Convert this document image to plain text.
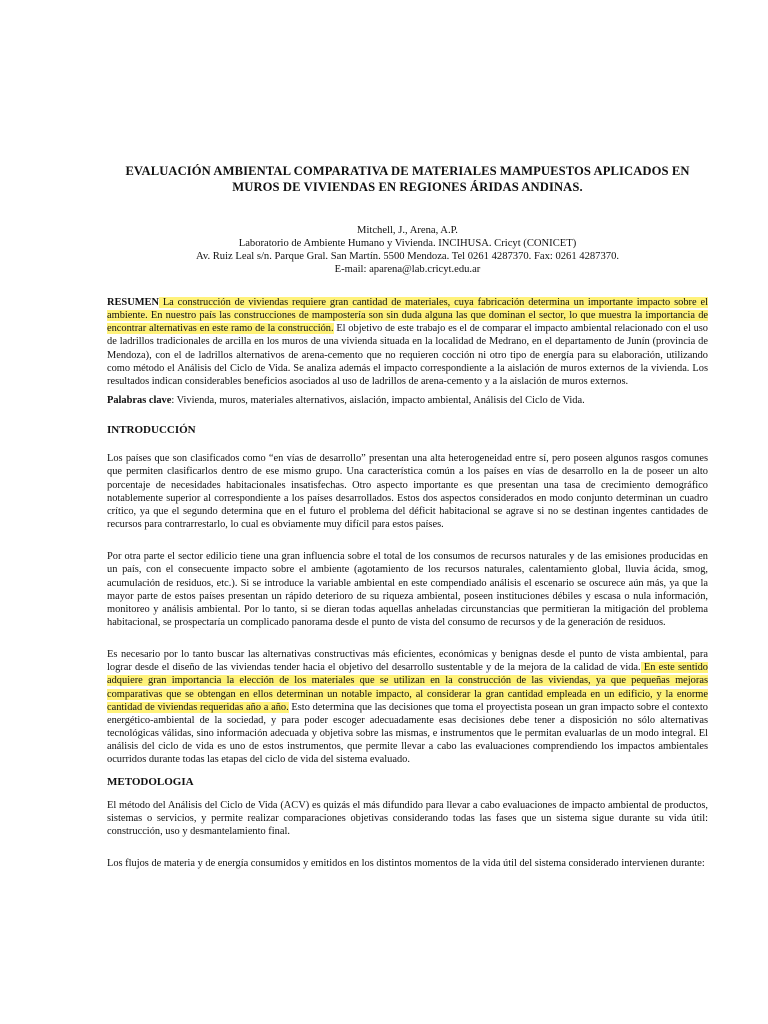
EVALUACIÓN AMBIENTAL COMPARATIVA DE MATERIALES MAMPUESTOS APLICADOS EN
MUROS DE VIVIENDAS EN REGIONES ÁRIDAS ANDINAS.
Mitchell, J., Arena, A.P.
Laboratorio de Ambiente Humano y Vivienda. INCIHUSA. Cricyt (CONICET)
Av. Ruiz Leal s/n. Parque Gral. San Martín. 5500 Mendoza. Tel 0261 4287370. Fax: 0261 4287370.
E-mail: aparena@lab.cricyt.edu.ar

RESUMEN La construcción de viviendas requiere gran cantidad de materiales, cuya fabricación determina un importante impacto sobre el ambiente. En nuestro país las construcciones de mampostería son sin duda alguna las que dominan el sector, lo que muestra la importancia de encontrar alternativas en este ramo de la construcción. El objetivo de este trabajo es el de comparar el impacto ambiental relacionado con el uso de ladrillos tradicionales de arcilla en los muros de una vivienda situada en la localidad de Medrano, en el departamento de Junín (provincia de Mendoza), con el de ladrillos alternativos de arena-cemento que no requieren cocción ni otro tipo de energía para su elaboración, utilizando como método el Análisis del Ciclo de Vida. Se analiza además el impacto correspondiente a la aislación de muros externos de la vivienda. Los resultados indican considerables beneficios asociados al uso de ladrillos de arena-cemento y a la aislación de muros externos.

Palabras clave: Vivienda, muros, materiales alternativos, aislación, impacto ambiental, Análisis del Ciclo de Vida.

INTRODUCCIÓN

Los países que son clasificados como “en vías de desarrollo” presentan una alta heterogeneidad entre sí, pero poseen algunos rasgos comunes que permiten clasificarlos dentro de ese mismo grupo. Una característica común a los países en vías de desarrollo en la de poseer un alto porcentaje de necesidades habitacionales insatisfechas. Otro aspecto importante es que presentan una tasa de crecimiento demográfico notablemente superior al correspondiente a los países desarrollados. Estos dos aspectos considerados en modo conjunto determinan un cuadro crítico, ya que el segundo determina que en el futuro el problema del déficit habitacional se agrave si no se destinan ingentes cantidades de recursos para contrarrestarlo, lo cual es obviamente muy difícil para estos países.

Por otra parte el sector edilicio tiene una gran influencia sobre el total de los consumos de recursos naturales y de las emisiones producidas en un país, con el consecuente impacto sobre el ambiente (agotamiento de los recursos naturales, calentamiento global, lluvia ácida, smog, acumulación de residuos, etc.). Si se introduce la variable ambiental en este compendiado análisis el escenario se oscurece aún más, ya que la mayor parte de estos países presentan un rápido deterioro de su riqueza ambiental, poseen instituciones débiles y escasa o nula información, monitoreo y análisis ambiental. Por lo tanto, si se dieran todas aquellas anheladas circunstancias que permitieran la mitigación del problema habitacional, se prospectaría un complicado panorama desde el punto de vista del consumo de recursos y de la generación de residuos.

Es necesario por lo tanto buscar las alternativas constructivas más eficientes, económicas y benignas desde el punto de vista ambiental, para lograr desde el diseño de las viviendas tender hacia el objetivo del desarrollo sustentable y de la mejora de la calidad de vida. En este sentido adquiere gran importancia la elección de los materiales que se utilizan en la construcción de las viviendas, ya que pequeñas mejoras comparativas que se obtengan en ellos determinan un notable impacto, al considerar la gran cantidad empleada en un edificio, y la enorme cantidad de viviendas requeridas año a año. Esto determina que las decisiones que toma el proyectista posean un gran impacto sobre el contexto energético-ambiental de la sociedad, y para poder escoger adecuadamente esas decisiones debe tener a disposición no sólo alternativas tecnológicas válidas, sino información adecuada y objetiva sobre las mismas, e instrumentos que le permitan evaluarlas de un modo integral. El análisis del ciclo de vida es uno de estos instrumentos, que permite llevar a cabo las evaluaciones comprendiendo los impactos ambientales ocurridos durante todas las etapas del ciclo de vida del sistema evaluado.

METODOLOGIA

El método del Análisis del Ciclo de Vida (ACV) es quizás el más difundido para llevar a cabo evaluaciones de impacto ambiental de productos, sistemas o servicios, y permite realizar comparaciones objetivas considerando todas las fases que un sistema sigue durante su vida útil: construcción, uso y desmantelamiento final.

Los flujos de materia y de energía consumidos y emitidos en los distintos momentos de la vida útil del sistema considerado intervienen durante:
